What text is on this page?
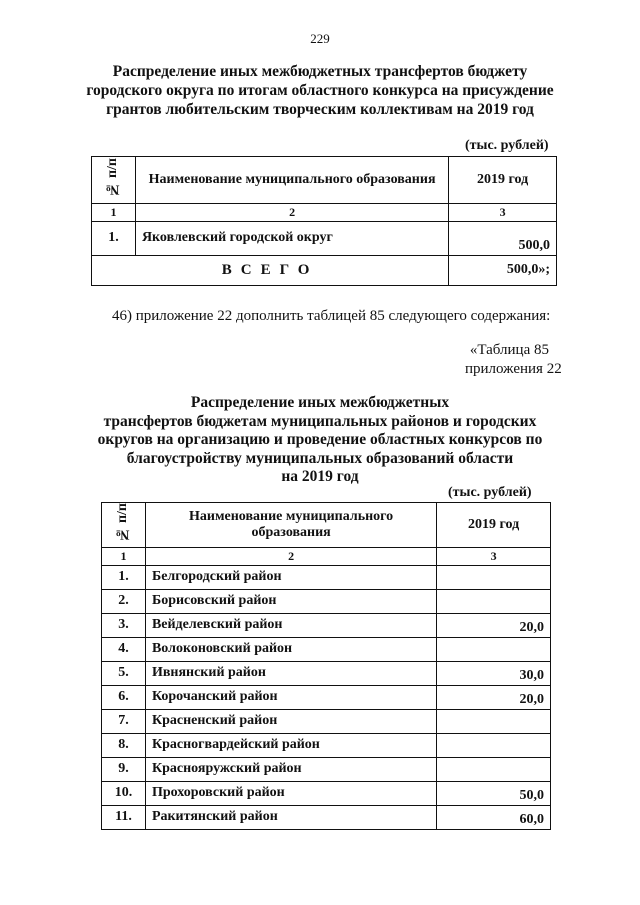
229
Распределение иных межбюджетных трансфертов бюджету
городского округа по итогам областного конкурса на присуждение
грантов любительским творческим коллективам на 2019 год
(тыс. рублей)
№ п/п	Наименование муниципального образования	2019 год
1	2	3
1.	Яковлевский городской округ	500,0
ВСЕГО		500,0»;
46) приложение 22 дополнить таблицей 85 следующего содержания:
«Таблица 85
приложения 22
Распределение иных межбюджетных
трансфертов бюджетам муниципальных районов и городских
округов на организацию и проведение областных конкурсов по
благоустройству муниципальных образований области
на 2019 год
(тыс. рублей)
№ п/п	Наименование муниципального образования	2019 год
1	2	3
1.	Белгородский район	
2.	Борисовский район	
3.	Вейделевский район	20,0
4.	Волоконовский район	
5.	Ивнянский район	30,0
6.	Корочанский район	20,0
7.	Красненский район	
8.	Красногвардейский район	
9.	Краснояружский район	
10.	Прохоровский район	50,0
11.	Ракитянский район	60,0
